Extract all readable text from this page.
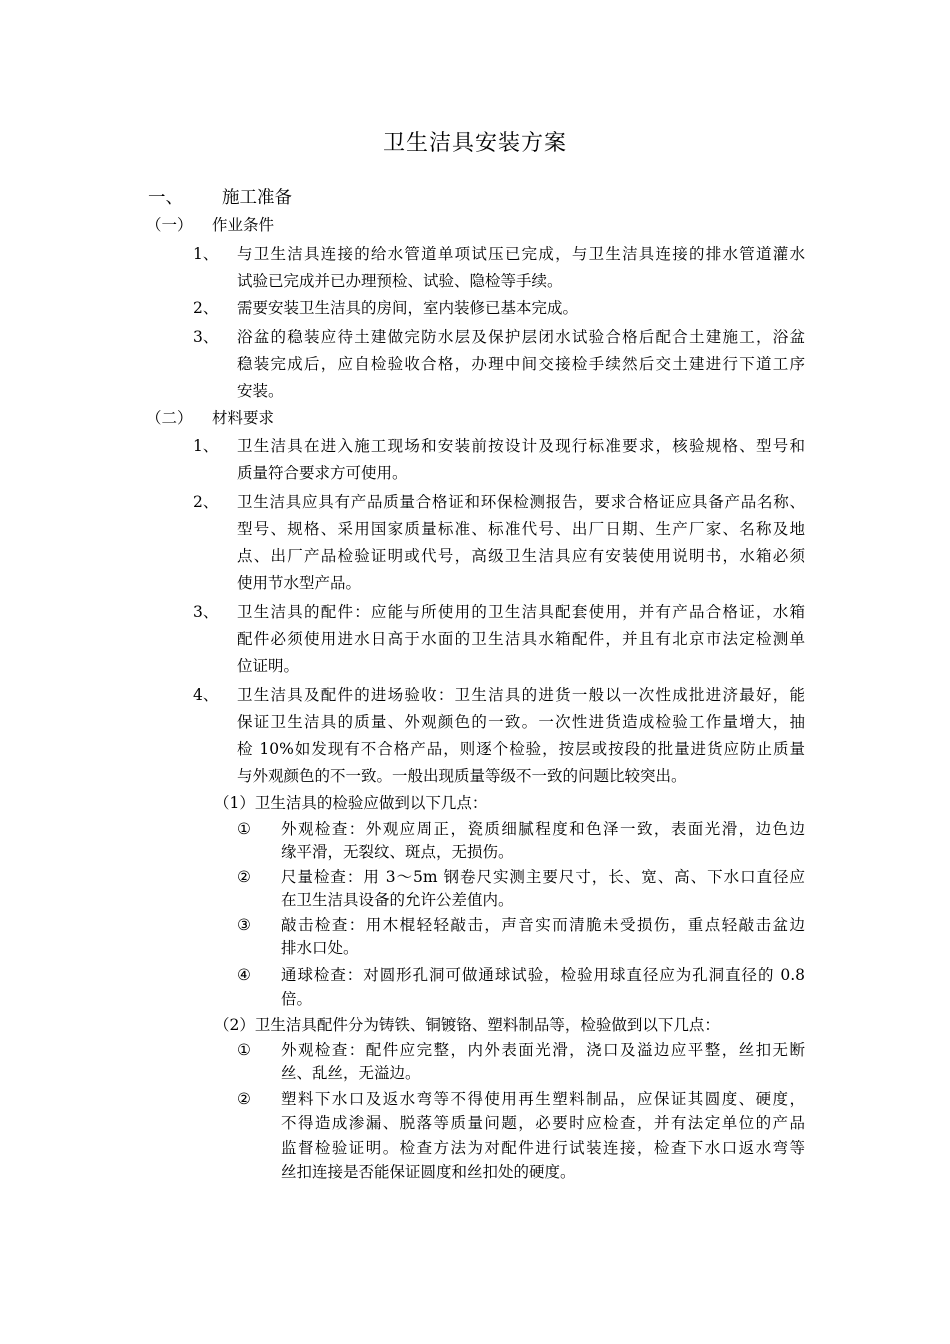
卫生洁具安装方案
一、 施工准备
（一） 作业条件
1、 与卫生洁具连接的给水管道单项试压已完成，与卫生洁具连接的排水管道灌水
试验已完成并已办理预检、试验、隐检等手续。
2、 需要安装卫生洁具的房间，室内装修已基本完成。
3、 浴盆的稳装应待土建做完防水层及保护层闭水试验合格后配合土建施工，浴盆
稳装完成后，应自检验收合格，办理中间交接检手续然后交土建进行下道工序
安装。
（二） 材料要求
1、 卫生洁具在进入施工现场和安装前按设计及现行标准要求，核验规格、型号和
质量符合要求方可使用。
2、 卫生洁具应具有产品质量合格证和环保检测报告，要求合格证应具备产品名称、
型号、规格、采用国家质量标准、标准代号、出厂日期、生产厂家、名称及地
点、出厂产品检验证明或代号，高级卫生洁具应有安装使用说明书，水箱必须
使用节水型产品。
3、 卫生洁具的配件：应能与所使用的卫生洁具配套使用，并有产品合格证，水箱
配件必须使用进水日高于水面的卫生洁具水箱配件，并且有北京市法定检测单
位证明。
4、 卫生洁具及配件的进场验收：卫生洁具的进货一般以一次性成批进济最好，能
保证卫生洁具的质量、外观颜色的一致。一次性进货造成检验工作量增大，抽
检 10%如发现有不合格产品，则逐个检验，按层或按段的批量进货应防止质量
与外观颜色的不一致。一般出现质量等级不一致的问题比较突出。
（1）卫生洁具的检验应做到以下几点：
① 外观检查：外观应周正，瓷质细腻程度和色泽一致，表面光滑，边色边
缘平滑，无裂纹、斑点，无损伤。
② 尺量检查：用 3～5m 钢卷尺实测主要尺寸，长、宽、高、下水口直径应
在卫生洁具设备的允许公差值内。
③ 敲击检查：用木棍轻轻敲击，声音实而清脆未受损伤，重点轻敲击盆边
排水口处。
④ 通球检查：对圆形孔洞可做通球试验，检验用球直径应为孔洞直径的 0.8
倍。
（2）卫生洁具配件分为铸铁、铜镀铬、塑料制品等，检验做到以下几点：
① 外观检查：配件应完整，内外表面光滑，浇口及溢边应平整，丝扣无断
丝、乱丝，无溢边。
② 塑料下水口及返水弯等不得使用再生塑料制品，应保证其圆度、硬度，
不得造成渗漏、脱落等质量问题，必要时应检查，并有法定单位的产品
监督检验证明。检查方法为对配件进行试装连接，检查下水口返水弯等
丝扣连接是否能保证圆度和丝扣处的硬度。
